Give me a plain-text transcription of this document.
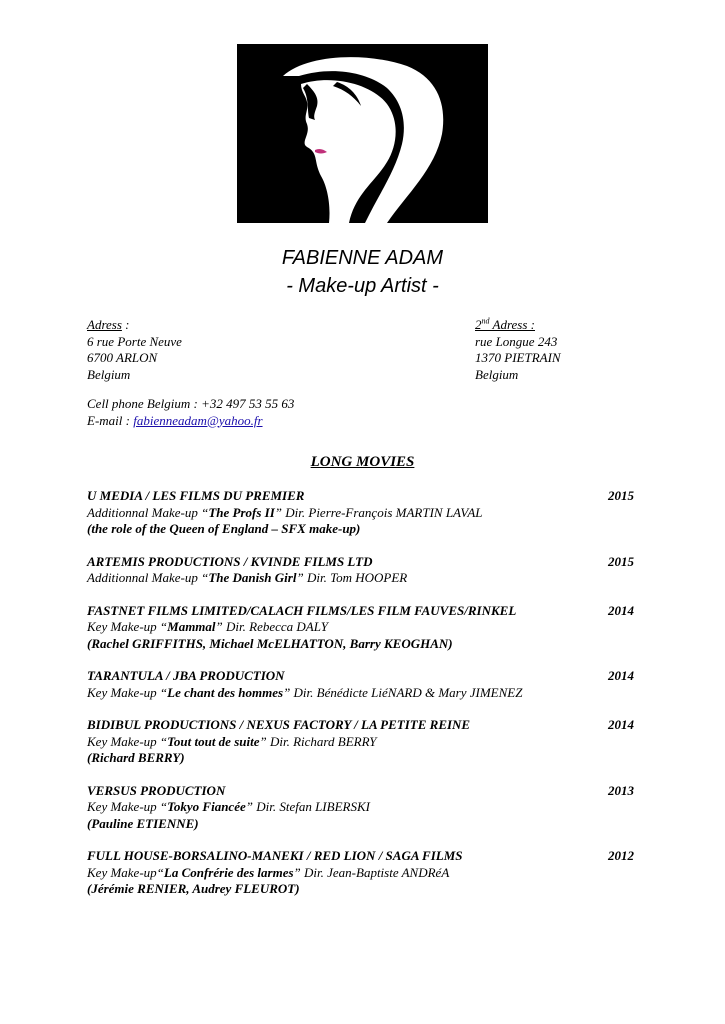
FABIENNE ADAM
- Make-up Artist -
Adress :
6 rue Porte Neuve
6700 ARLON
Belgium
2nd Adress :
rue Longue 243
1370 PIETRAIN
Belgium
Cell phone Belgium : +32 497 53 55 63
E-mail : fabienneadam@yahoo.fr
LONG MOVIES
U MEDIA / LES FILMS DU PREMIER	2015
Additionnal Make-up “The Profs II” Dir. Pierre-François MARTIN LAVAL
(the role of the Queen of England – SFX make-up)
ARTEMIS PRODUCTIONS / KVINDE FILMS LTD	2015
Additionnal Make-up “The Danish Girl” Dir. Tom HOOPER
FASTNET FILMS LIMITED/CALACH FILMS/LES FILM FAUVES/RINKEL	2014
Key Make-up “Mammal” Dir. Rebecca DALY
(Rachel GRIFFITHS, Michael McELHATTON, Barry KEOGHAN)
TARANTULA / JBA PRODUCTION	2014
Key Make-up “Le chant des hommes” Dir. Bénédicte LiéNARD & Mary JIMENEZ
BIDIBUL PRODUCTIONS / NEXUS FACTORY / LA PETITE REINE	2014
Key Make-up “Tout tout de suite” Dir. Richard BERRY
(Richard BERRY)
VERSUS PRODUCTION	2013
Key Make-up “Tokyo Fiancée” Dir. Stefan LIBERSKI
(Pauline ETIENNE)
FULL HOUSE-BORSALINO-MANEKI / RED LION / SAGA FILMS	2012
Key Make-up“La Confrérie des larmes” Dir. Jean-Baptiste ANDRéA
(Jérémie RENIER, Audrey FLEUROT)
